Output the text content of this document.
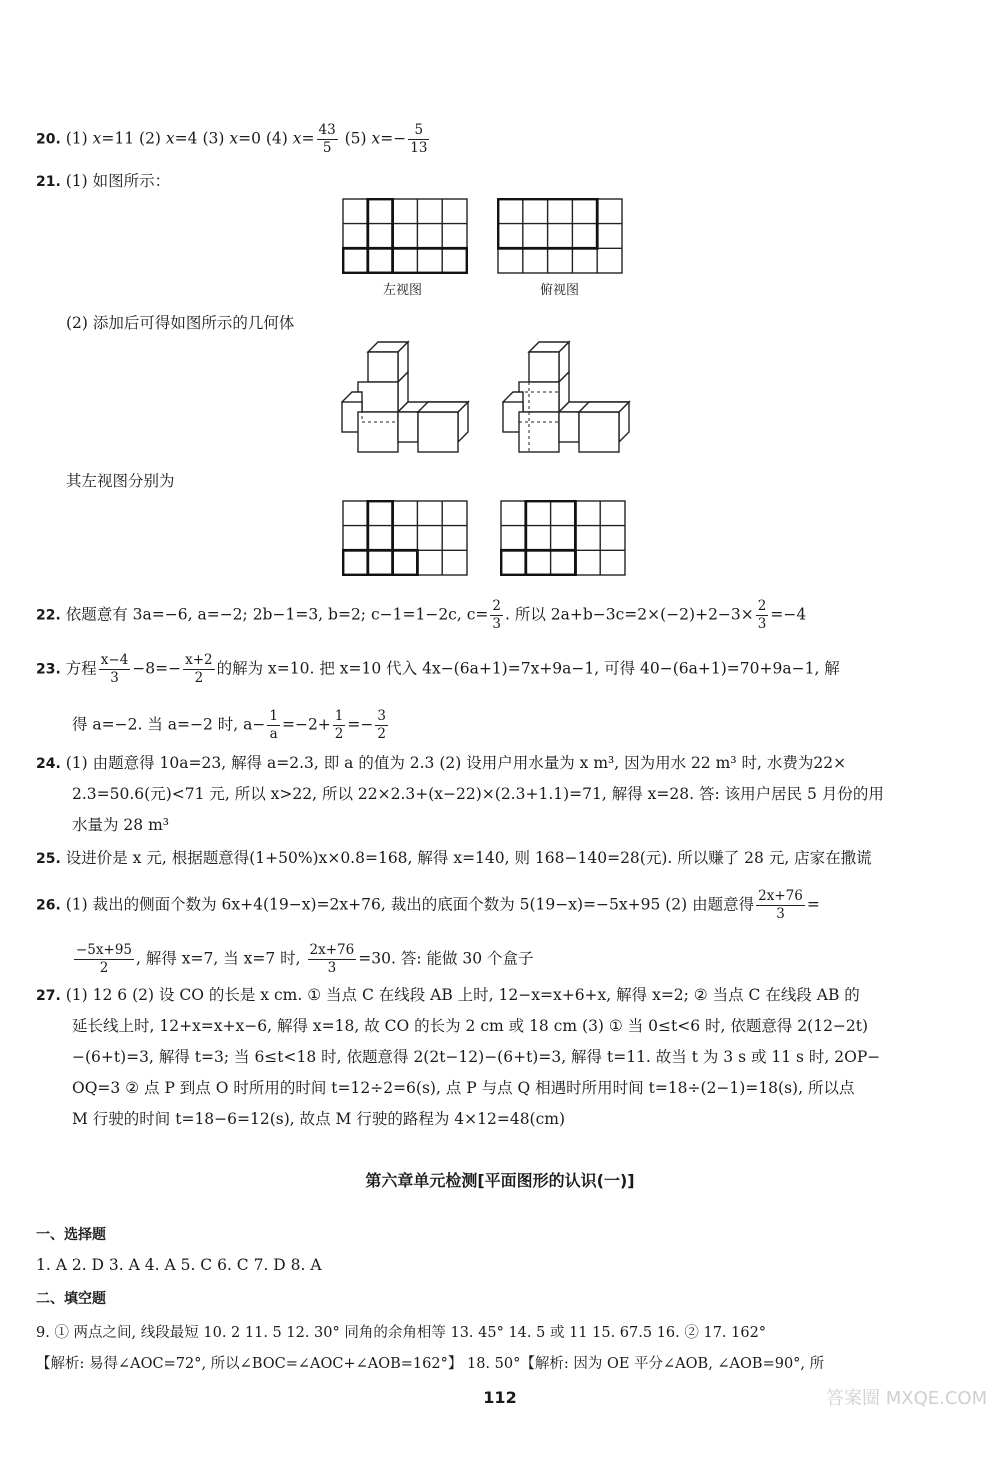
20. (1) x=11 (2) x=4 (3) x=0 (4) $x= \frac{43}{5} (5)$ $x=- \frac{5}{13}$
21. (1) 如图所示：
左视图	俯视图
(2) 添加后可得如图所示的几何体
其左视图分别为
22. 依题意有 3a=−6, a=−2; 2b−1=3, b=2; c−1=1−2c, $c= \frac{2}{3}$ . 所以 $2a+b-3c=2\times(-2)+2-3\times \frac{2}{3} =-4$
23. 方程 $\frac{x-4}{3} -8=- \frac{x+2}{2}$ 的解为 x=10. 把 x=10 代入 4x−(6a+1)=7x+9a−1, 可得 40−(6a+1)=70+9a−1, 解
得 a=−2. 当 a=−2 时, $a- \frac{1}{a} =-2+ \frac{1}{2} =- \frac{3}{2}$
24. (1) 由题意得 10a=23, 解得 a=2.3, 即 a 的值为 2.3 (2) 设用户用水量为 x m³, 因为用水 22 m³ 时, 水费为22×
2.3=50.6(元)<71 元, 所以 x>22, 所以 22×2.3+(x−22)×(2.3+1.1)=71, 解得 x=28. 答: 该用户居民 5 月份的用
水量为 28 m³
25. 设进价是 x 元, 根据题意得(1+50%)x×0.8=168, 解得 x=140, 则 168−140=28(元). 所以赚了 28 元, 店家在撒谎
26. (1) 裁出的侧面个数为 6x+4(19−x)=2x+76, 裁出的底面个数为 5(19−x)=−5x+95 (2) 由题意得 $\frac{2x+76}{3}$ =
$\frac{-5x+95}{2}$ , 解得 x=7, 当 x=7 时, $\frac{2x+76}{3} =30$. 答: 能做 30 个盒子
27. (1) 12 6 (2) 设 CO 的长是 x cm. ① 当点 C 在线段 AB 上时, 12−x=x+6+x, 解得 x=2; ② 当点 C 在线段 AB 的
延长线上时, 12+x=x+x−6, 解得 x=18, 故 CO 的长为 2 cm 或 18 cm (3) ① 当 0≤t<6 时, 依题意得 2(12−2t)
−(6+t)=3, 解得 t=3; 当 6≤t<18 时, 依题意得 2(2t−12)−(6+t)=3, 解得 t=11. 故当 t 为 3 s 或 11 s 时, 2OP−
OQ=3 ② 点 P 到点 O 时所用的时间 t=12÷2=6(s), 点 P 与点 Q 相遇时所用时间 t=18÷(2−1)=18(s), 所以点
M 行驶的时间 t=18−6=12(s), 故点 M 行驶的路程为 4×12=48(cm)
第六章单元检测[平面图形的认识(一)]
一、选择题
1. A 2. D 3. A 4. A 5. C 6. C 7. D 8. A
二、填空题
9. ① 两点之间, 线段最短 10. 2 11. 5 12. 30° 同角的余角相等 13. 45° 14. 5 或 11 15. 67.5 16. ② 17. 162°
【解析: 易得∠AOC=72°, 所以∠BOC=∠AOC+∠AOB=162°】 18. 50°【解析: 因为 OE 平分∠AOB, ∠AOB=90°, 所
112	答案圈 MXQE.COM
